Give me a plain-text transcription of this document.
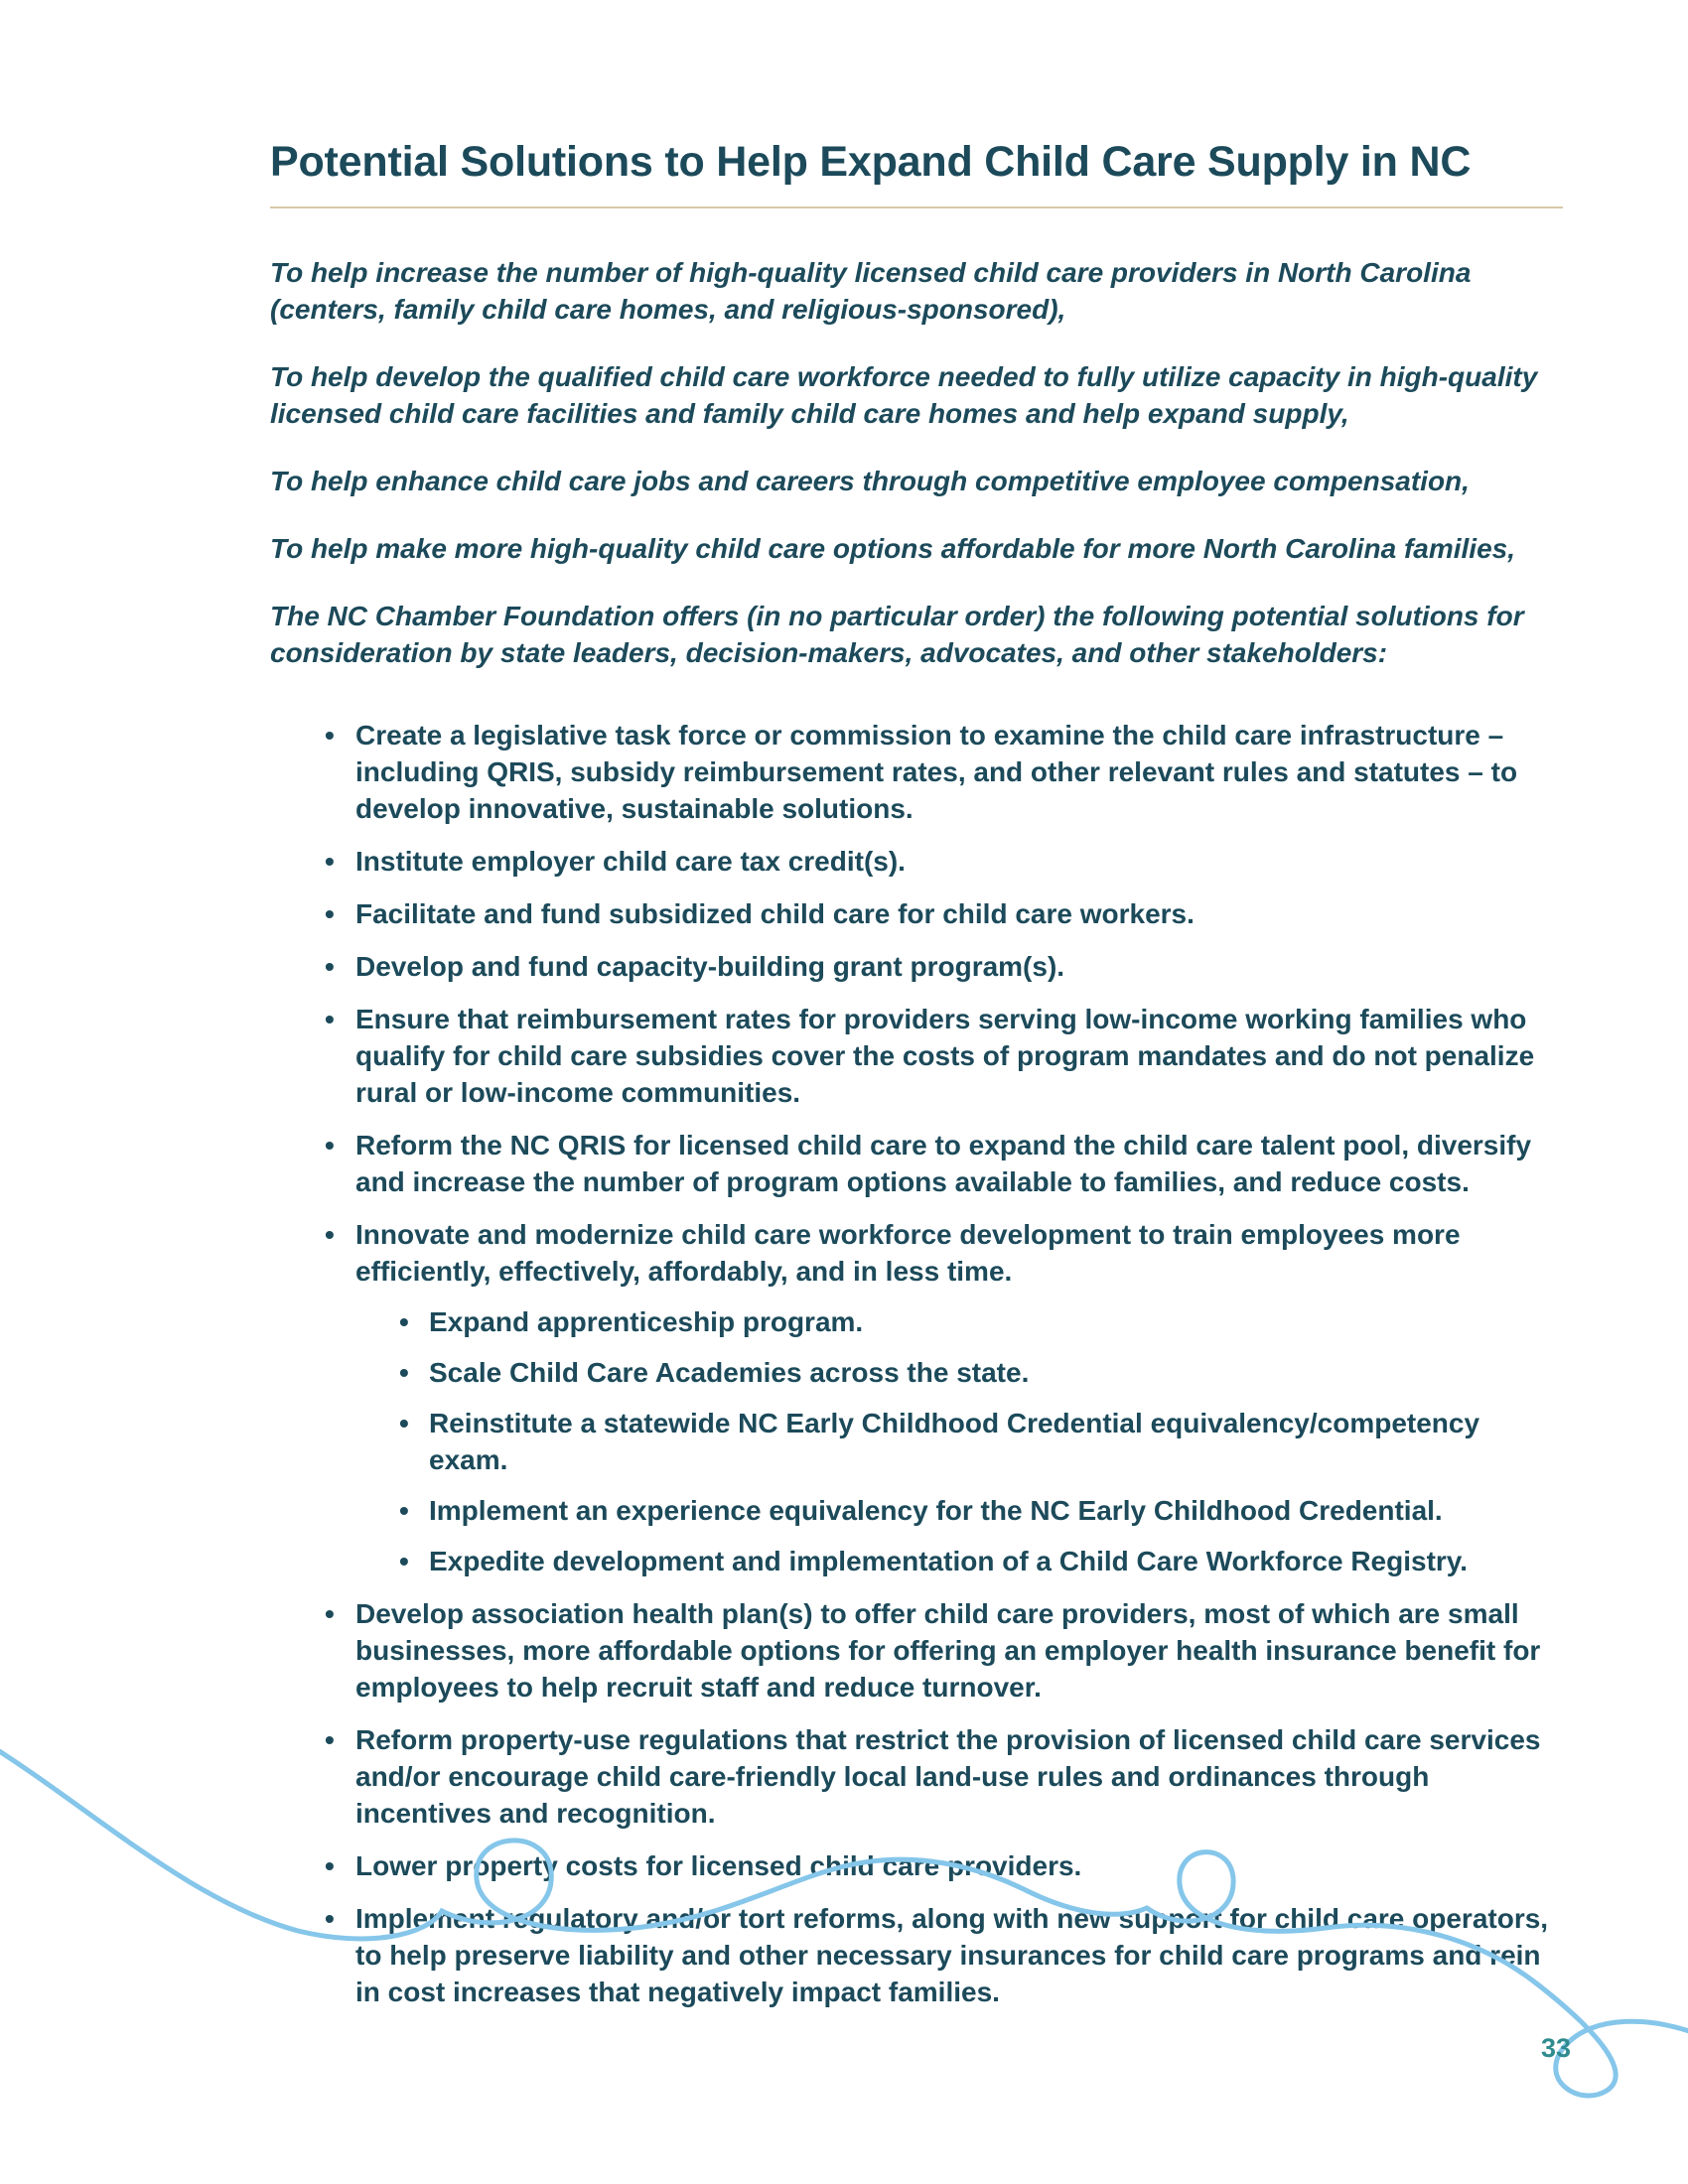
Potential Solutions to Help Expand Child Care Supply in NC

To help increase the number of high-quality licensed child care providers in North Carolina (centers, family child care homes, and religious-sponsored),

To help develop the qualified child care workforce needed to fully utilize capacity in high-quality licensed child care facilities and family child care homes and help expand supply,

To help enhance child care jobs and careers through competitive employee compensation,

To help make more high-quality child care options affordable for more North Carolina families,

The NC Chamber Foundation offers (in no particular order) the following potential solutions for consideration by state leaders, decision-makers, advocates, and other stakeholders:

• Create a legislative task force or commission to examine the child care infrastructure – including QRIS, subsidy reimbursement rates, and other relevant rules and statutes – to develop innovative, sustainable solutions.
• Institute employer child care tax credit(s).
• Facilitate and fund subsidized child care for child care workers.
• Develop and fund capacity-building grant program(s).
• Ensure that reimbursement rates for providers serving low-income working families who qualify for child care subsidies cover the costs of program mandates and do not penalize rural or low-income communities.
• Reform the NC QRIS for licensed child care to expand the child care talent pool, diversify and increase the number of program options available to families, and reduce costs.
• Innovate and modernize child care workforce development to train employees more efficiently, effectively, affordably, and in less time.
• Expand apprenticeship program.
• Scale Child Care Academies across the state.
• Reinstitute a statewide NC Early Childhood Credential equivalency/competency exam.
• Implement an experience equivalency for the NC Early Childhood Credential.
• Expedite development and implementation of a Child Care Workforce Registry.
• Develop association health plan(s) to offer child care providers, most of which are small businesses, more affordable options for offering an employer health insurance benefit for employees to help recruit staff and reduce turnover.
• Reform property-use regulations that restrict the provision of licensed child care services and/or encourage child care-friendly local land-use rules and ordinances through incentives and recognition.
• Lower property costs for licensed child care providers.
• Implement regulatory and/or tort reforms, along with new support for child care operators, to help preserve liability and other necessary insurances for child care programs and rein in cost increases that negatively impact families.
33
